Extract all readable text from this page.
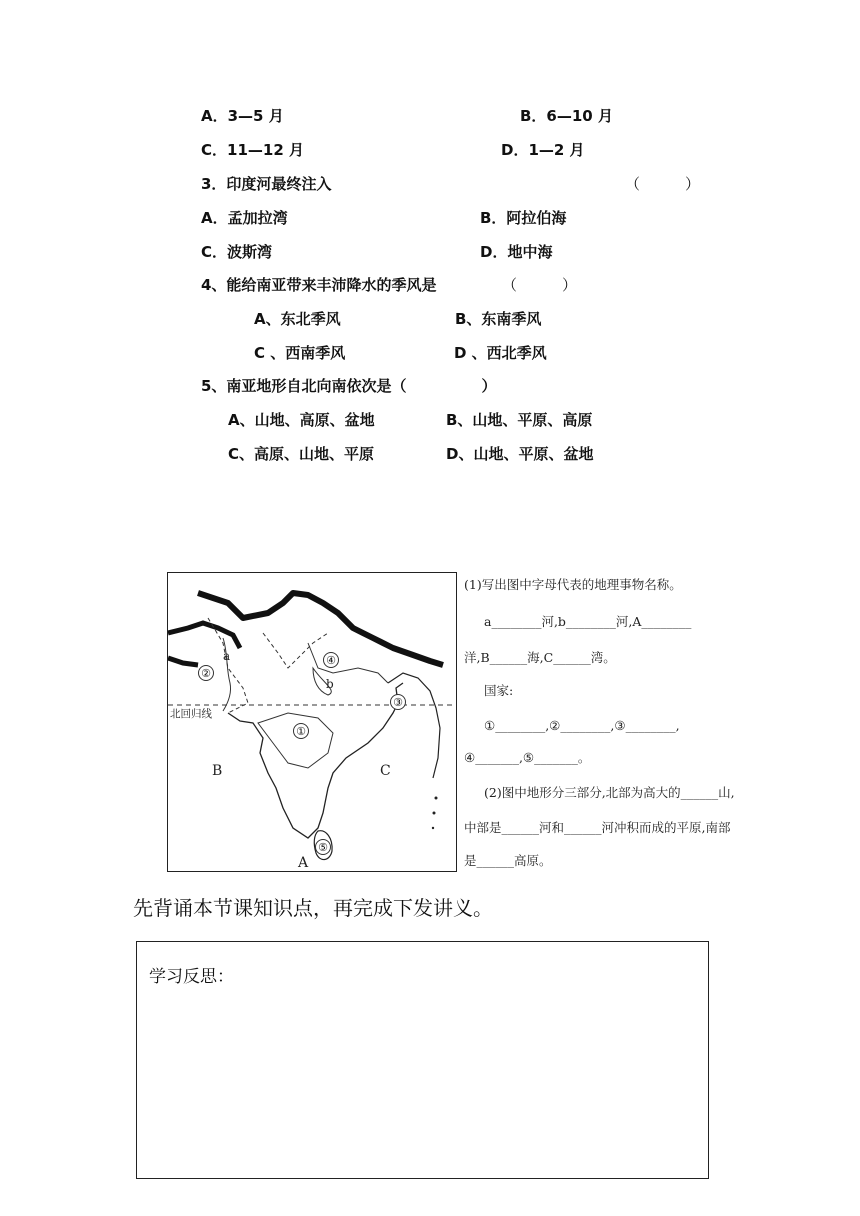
A．3—5 月	B．6—10 月
C．11—12 月	D．1—2 月
3．印度河最终注入	（　　　）
A．孟加拉湾	B．阿拉伯海
C．波斯湾	D．地中海
4、能给南亚带来丰沛降水的季风是	（　　　）
A、东北季风	B、东南季风
C 、西南季风	D 、西北季风
5、南亚地形自北向南依次是（　　　　　）
A、山地、高原、盆地	B、山地、平原、高原
C、高原、山地、平原	D、山地、平原、盆地
a
b
B	C
A
北回归线
①
②
③
④
⑤
(1)写出图中字母代表的地理事物名称。
a________河,b________河,A________
洋,B______海,C______湾。
国家:
①________,②________,③________,
④_______,⑤_______。
(2)图中地形分三部分,北部为高大的______山,
中部是______河和______河冲积而成的平原,南部
是______高原。
先背诵本节课知识点，再完成下发讲义。
学习反思：
